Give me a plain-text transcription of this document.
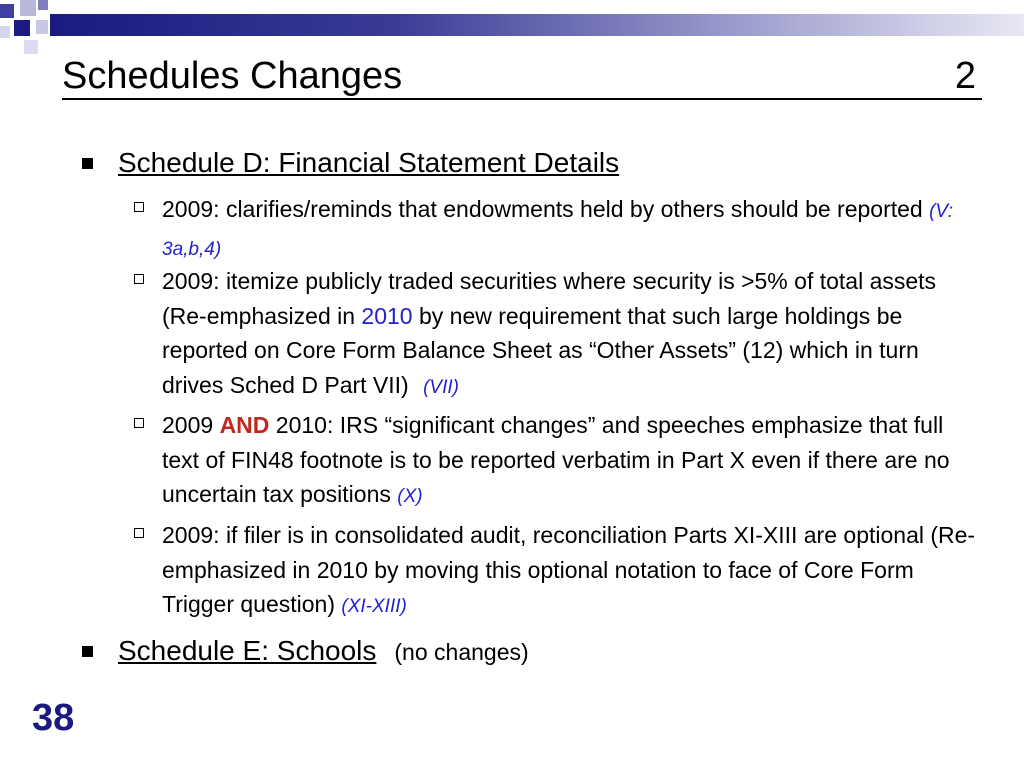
Schedules Changes	2
Schedule D: Financial Statement Details
2009: clarifies/reminds that endowments held by others should be reported (V: 3a,b,4)
2009: itemize publicly traded securities where security is >5% of total assets (Re-emphasized in 2010 by new requirement that such large holdings be reported on Core Form Balance Sheet as “Other Assets” (12) which in turn drives Sched D Part VII) (VII)
2009 AND 2010: IRS “significant changes” and speeches emphasize that full text of FIN48 footnote is to be reported verbatim in Part X even if there are no uncertain tax positions (X)
2009: if filer is in consolidated audit, reconciliation Parts XI-XIII are optional (Re-emphasized in 2010 by moving this optional notation to face of Core Form Trigger question) (XI-XIII)
Schedule E: Schools (no changes)
38
